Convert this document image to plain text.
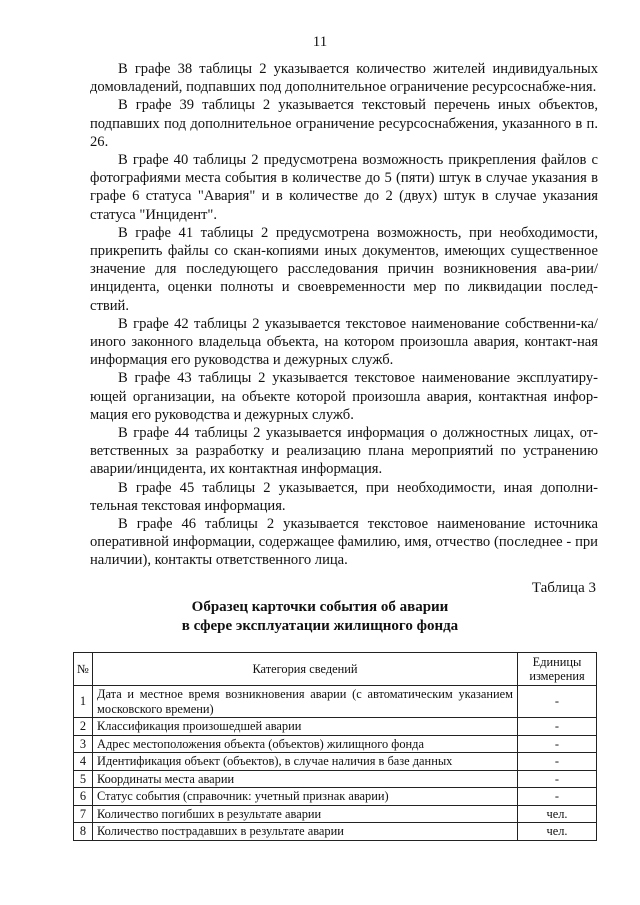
11

В графе 38 таблицы 2 указывается количество жителей индивидуальных домовладений, подпавших под дополнительное ограничение ресурсоснабже-ния.

В графе 39 таблицы 2 указывается текстовый перечень иных объектов, подпавших под дополнительное ограничение ресурсоснабжения, указанного в п. 26.

В графе 40 таблицы 2 предусмотрена возможность прикрепления файлов с фотографиями места события в количестве до 5 (пяти) штук в случае указания в графе 6 статуса "Авария" и в количестве до 2 (двух) штук в случае указания статуса "Инцидент".

В графе 41 таблицы 2 предусмотрена возможность, при необходимости, прикрепить файлы со скан-копиями иных документов, имеющих существенное значение для последующего расследования причин возникновения ава-рии/инцидента, оценки полноты и своевременности мер по ликвидации послед-ствий.

В графе 42 таблицы 2 указывается текстовое наименование собственни-ка/иного законного владельца объекта, на котором произошла авария, контакт-ная информация его руководства и дежурных служб.

В графе 43 таблицы 2 указывается текстовое наименование эксплуатиру-ющей организации, на объекте которой произошла авария, контактная инфор-мация его руководства и дежурных служб.

В графе 44 таблицы 2 указывается информация о должностных лицах, от-ветственных за разработку и реализацию плана мероприятий по устранению аварии/инцидента, их контактная информация.

В графе 45 таблицы 2 указывается, при необходимости, иная дополни-тельная текстовая информация.

В графе 46 таблицы 2 указывается текстовое наименование источника оперативной информации, содержащее фамилию, имя, отчество (последнее - при наличии), контакты ответственного лица.

Таблица 3
Образец карточки события об аварии
в сфере эксплуатации жилищного фонда
№	Категория сведений	Единицы измерения
1	Дата и местное время возникновения аварии (с автоматическим указанием московского времени)	-
2	Классификация произошедшей аварии	-
3	Адрес местоположения объекта (объектов) жилищного фонда	-
4	Идентификация объект (объектов), в случае наличия в базе данных	-
5	Координаты места аварии	-
6	Статус события (справочник: учетный признак аварии)	-
7	Количество погибших в результате аварии	чел.
8	Количество пострадавших в результате аварии	чел.
